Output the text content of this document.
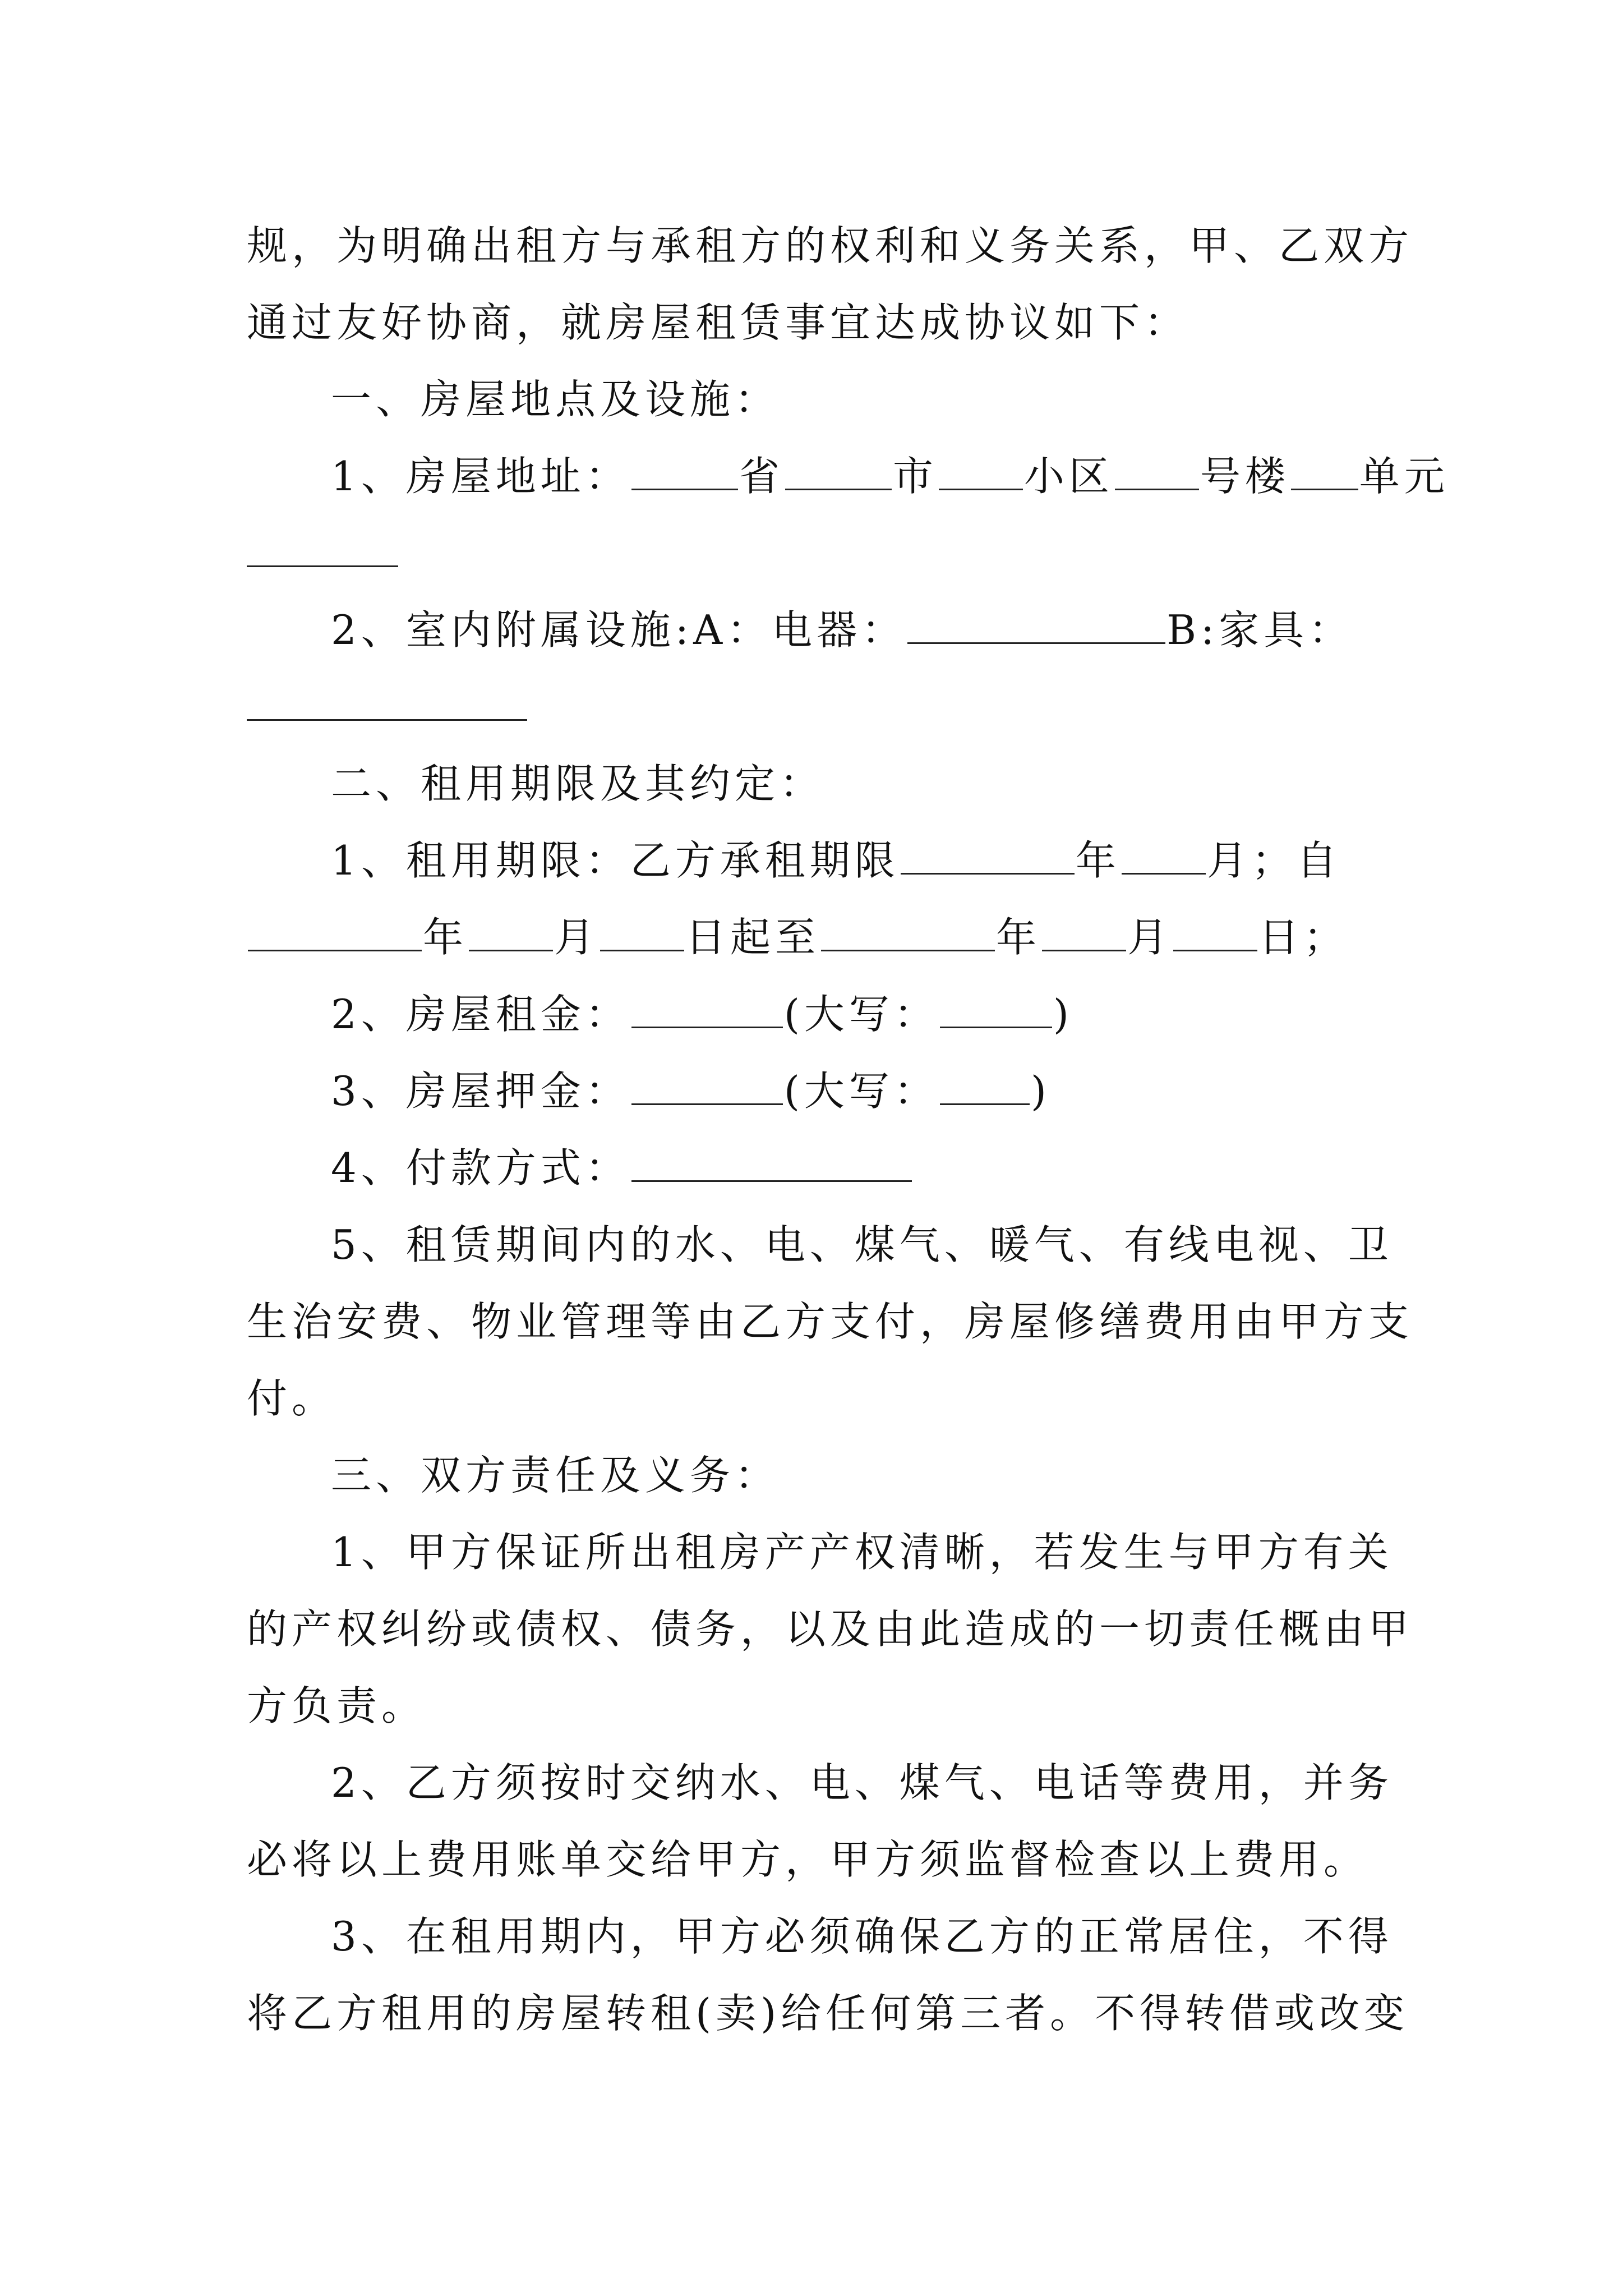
规，为明确出租方与承租方的权利和义务关系，甲、乙双方
通过友好协商，就房屋租赁事宜达成协议如下：
一、房屋地点及设施：
1、房屋地址：	省	市 小区 号楼 单元
2、室内附属设施:A：电器：	B:家具：
二、租用期限及其约定：
1、租用期限：乙方承租期限	年 月；自
年 月 日起至	年 月 日；
2、房屋租金：	(大写：	)
3、房屋押金：	(大写： )
4、付款方式：
5、租赁期间内的水、电、煤气、暖气、有线电视、卫
生治安费、物业管理等由乙方支付，房屋修缮费用由甲方支
付。
三、双方责任及义务：
1、甲方保证所出租房产产权清晰，若发生与甲方有关
的产权纠纷或债权、债务，以及由此造成的一切责任概由甲
方负责。
2、乙方须按时交纳水、电、煤气、电话等费用，并务
必将以上费用账单交给甲方，甲方须监督检查以上费用。
3、在租用期内，甲方必须确保乙方的正常居住，不得
将乙方租用的房屋转租(卖)给任何第三者。不得转借或改变
